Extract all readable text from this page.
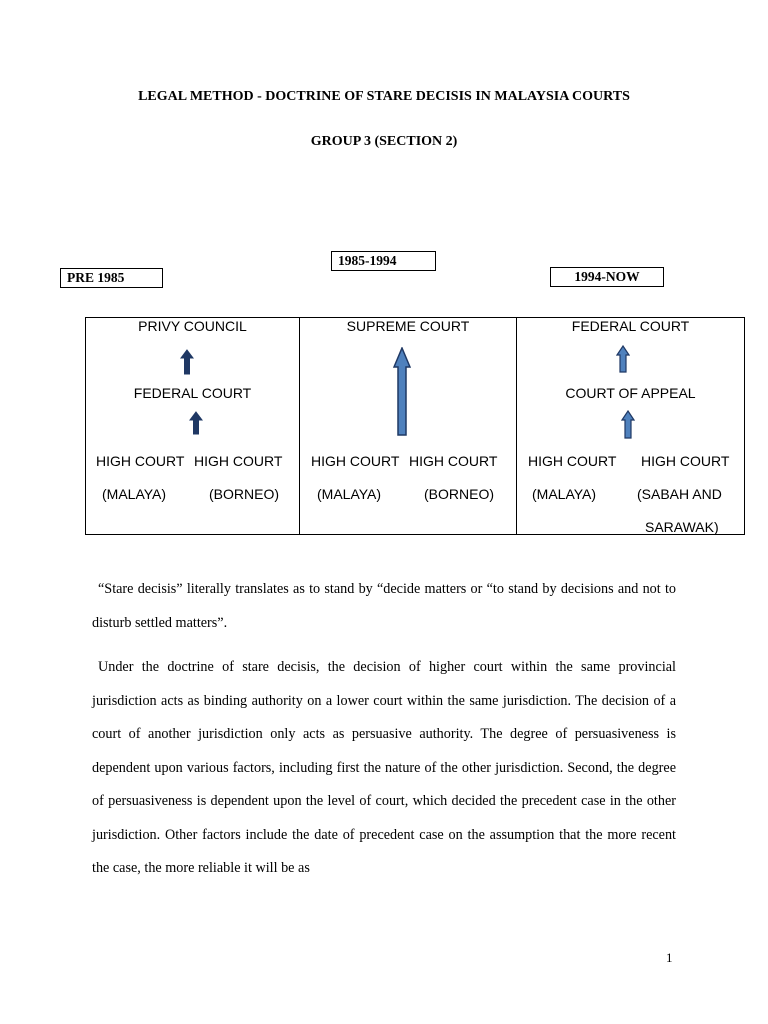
LEGAL METHOD - DOCTRINE OF STARE DECISIS IN MALAYSIA COURTS
GROUP 3 (SECTION 2)
PRE 1985
1985-1994
1994-NOW
PRIVY COUNCIL
FEDERAL COURT
HIGH COURT HIGH COURT
(MALAYA)	(BORNEO)
SUPREME COURT
HIGH COURT HIGH COURT
(MALAYA)	(BORNEO)
FEDERAL COURT
COURT OF APPEAL
HIGH COURT HIGH COURT
(MALAYA)	(SABAH AND
SARAWAK)
“Stare decisis” literally translates as to stand by “decide matters or “to stand by decisions and not to disturb settled matters”.
Under the doctrine of stare decisis, the decision of higher court within the same provincial jurisdiction acts as binding authority on a lower court within the same jurisdiction. The decision of a court of another jurisdiction only acts as persuasive authority. The degree of persuasiveness is dependent upon various factors, including first the nature of the other jurisdiction. Second, the degree of persuasiveness is dependent upon the level of court, which decided the precedent case in the other jurisdiction. Other factors include the date of precedent case on the assumption that the more recent the case, the more reliable it will be as
1
